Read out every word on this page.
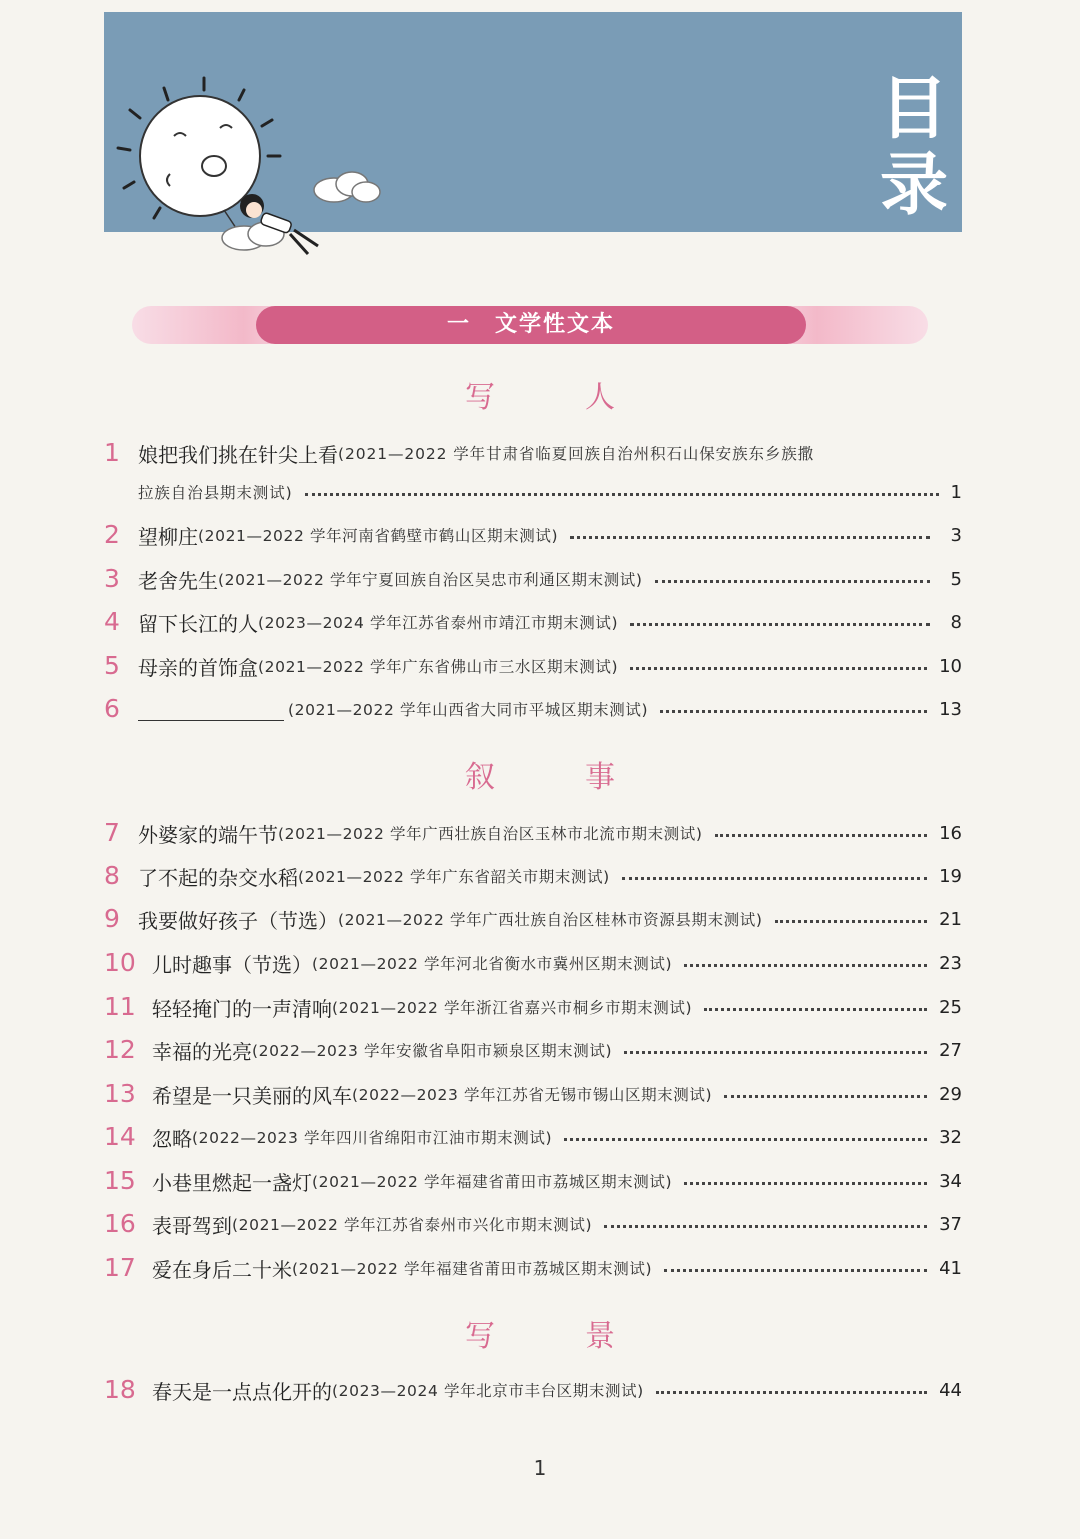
目
录
一　文学性文本
写　人
1 娘把我们挑在针尖上看 (2021—2022 学年甘肃省临夏回族自治州积石山保安族东乡族撒
拉族自治县期末测试)	1
2 望柳庄 (2021—2022 学年河南省鹤壁市鹤山区期末测试)	3
3 老舍先生 (2021—2022 学年宁夏回族自治区吴忠市利通区期末测试)	5
4 留下长江的人 (2023—2024 学年江苏省泰州市靖江市期末测试)	8
5 母亲的首饰盒 (2021—2022 学年广东省佛山市三水区期末测试)	10
6	(2021—2022 学年山西省大同市平城区期末测试)	13
叙　事
7 外婆家的端午节 (2021—2022 学年广西壮族自治区玉林市北流市期末测试)	16
8 了不起的杂交水稻 (2021—2022 学年广东省韶关市期末测试)	19
9 我要做好孩子（节选） (2021—2022 学年广西壮族自治区桂林市资源县期末测试)	21
10 儿时趣事（节选） (2021—2022 学年河北省衡水市冀州区期末测试)	23
11 轻轻掩门的一声清响 (2021—2022 学年浙江省嘉兴市桐乡市期末测试)	25
12 幸福的光亮 (2022—2023 学年安徽省阜阳市颍泉区期末测试)	27
13 希望是一只美丽的风车 (2022—2023 学年江苏省无锡市锡山区期末测试)	29
14 忽略 (2022—2023 学年四川省绵阳市江油市期末测试)	32
15 小巷里燃起一盏灯 (2021—2022 学年福建省莆田市荔城区期末测试)	34
16 表哥驾到 (2021—2022 学年江苏省泰州市兴化市期末测试)	37
17 爱在身后二十米 (2021—2022 学年福建省莆田市荔城区期末测试)	41
写　景
18 春天是一点点化开的 (2023—2024 学年北京市丰台区期末测试)	44
1
